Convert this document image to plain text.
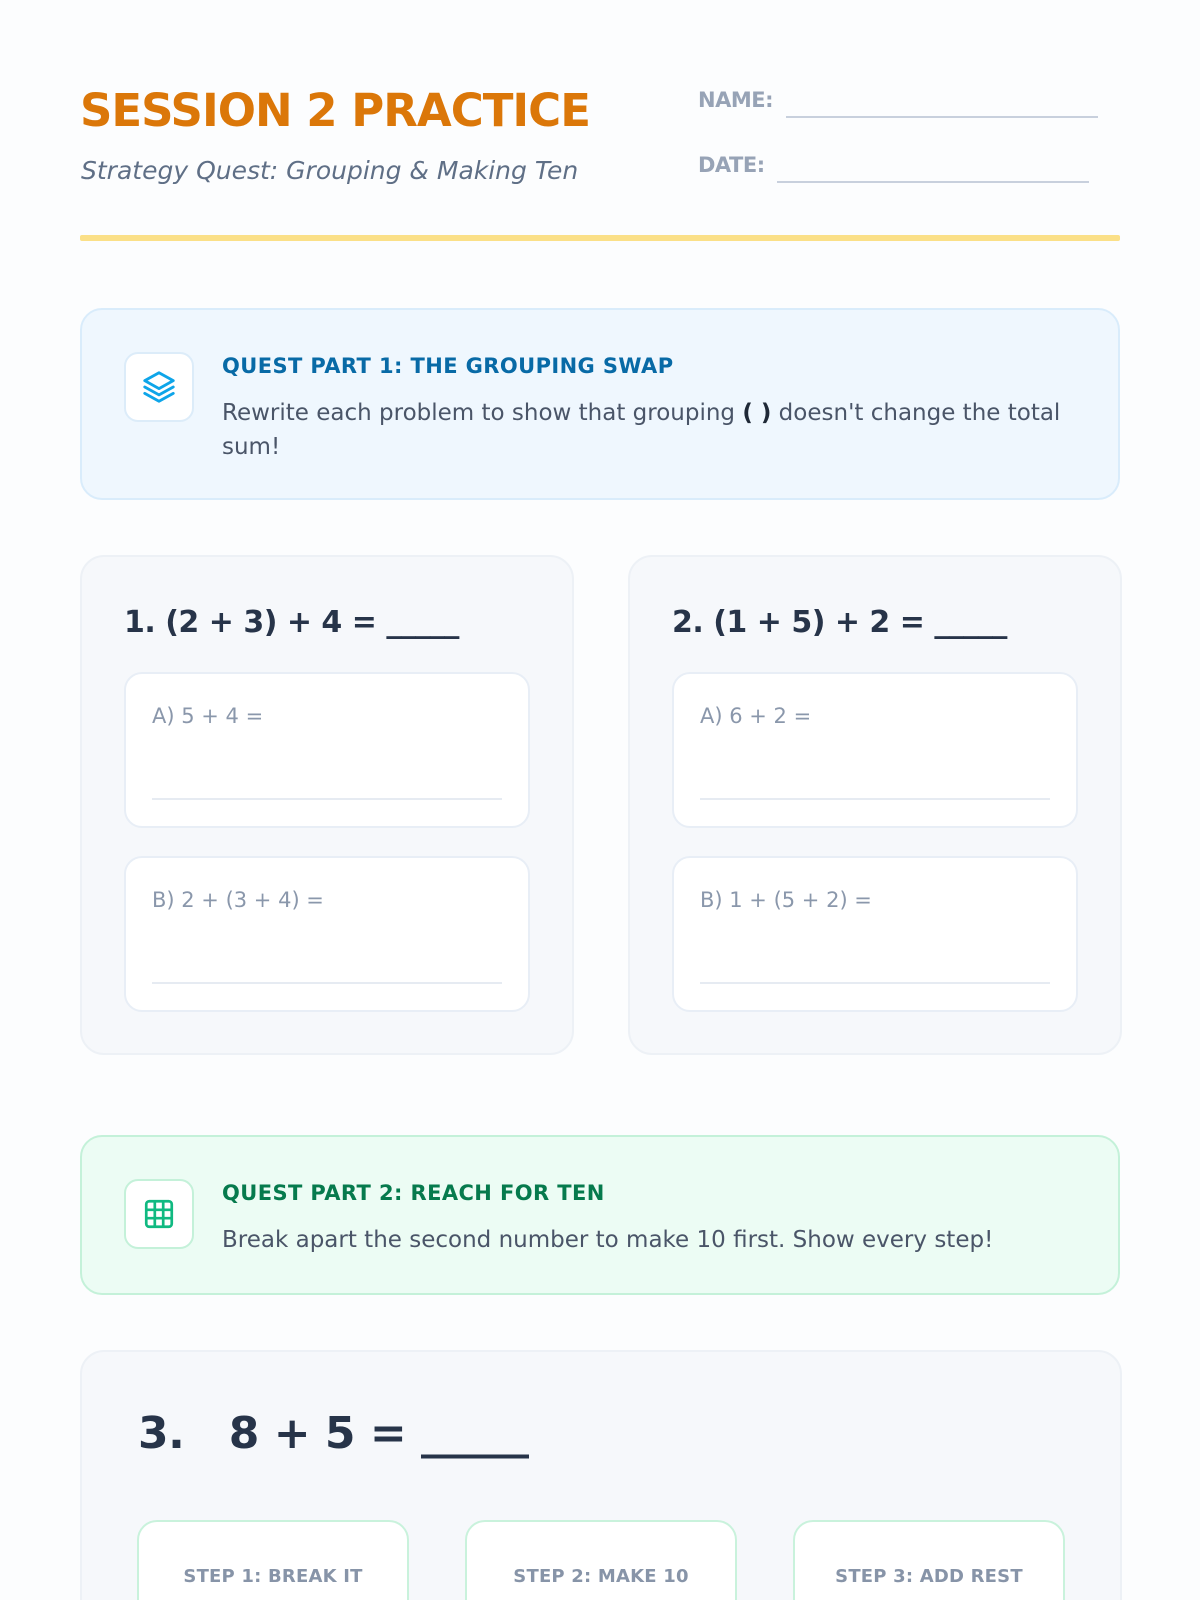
SESSION 2 PRACTICE
Strategy Quest: Grouping & Making Ten
NAME:
DATE:
QUEST PART 1: THE GROUPING SWAP
Rewrite each problem to show that grouping ( ) doesn't change the total sum!
1. (2 + 3) + 4 = _____
A) 5 + 4 =
B) 2 + (3 + 4) =
2. (1 + 5) + 2 = _____
A) 6 + 2 =
B) 1 + (5 + 2) =
QUEST PART 2: REACH FOR TEN
Break apart the second number to make 10 first. Show every step!
3.   8 + 5 = _____
STEP 1: BREAK IT	STEP 2: MAKE 10	STEP 3: ADD REST
